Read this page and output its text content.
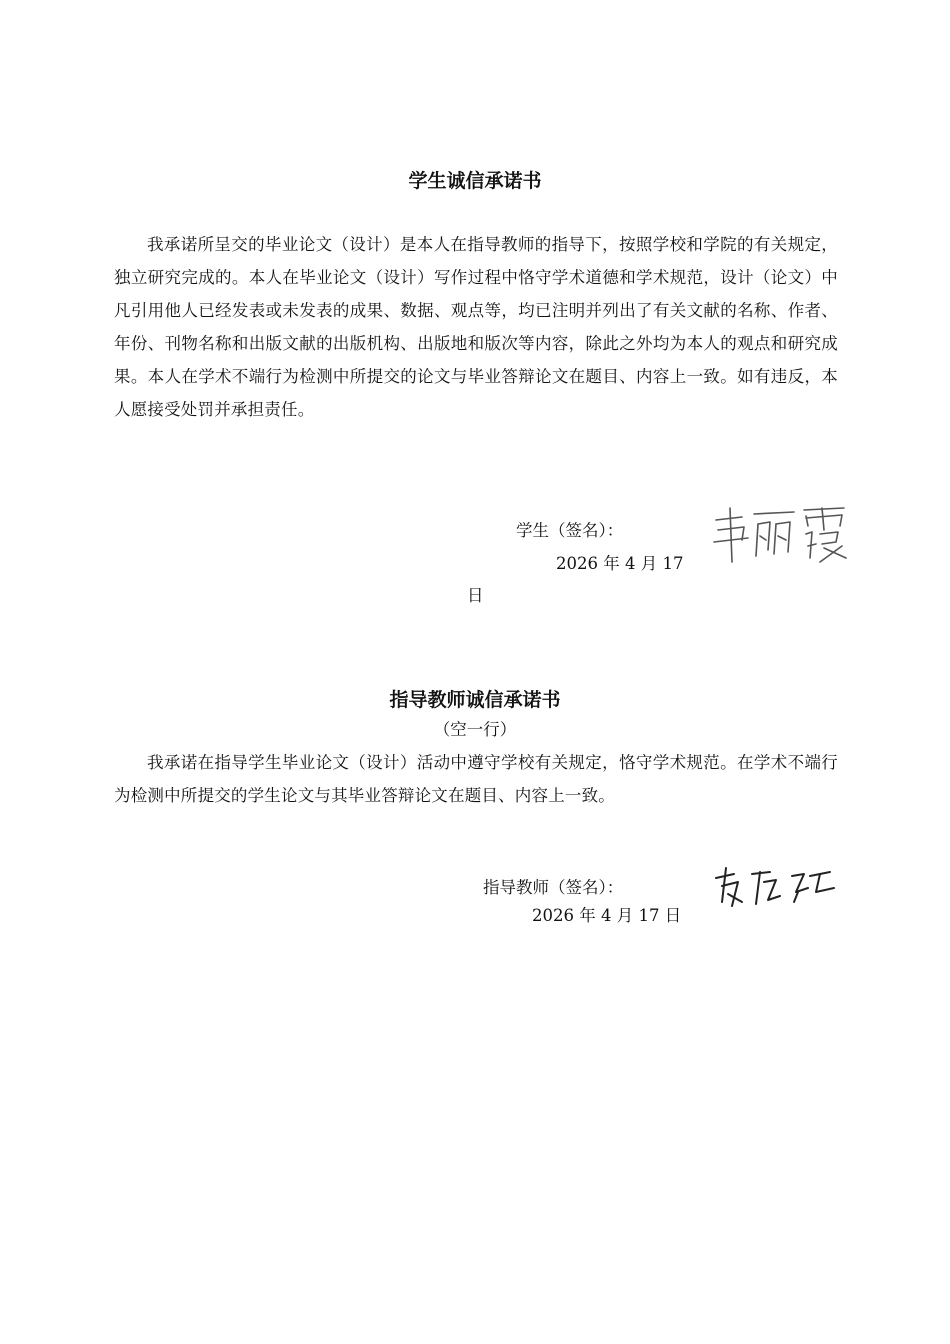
学生诚信承诺书
我承诺所呈交的毕业论文（设计）是本人在指导教师的指导下，按照学校和学院的有关规定，独立研究完成的。本人在毕业论文（设计）写作过程中恪守学术道德和学术规范，设计（论文）中凡引用他人已经发表或未发表的成果、数据、观点等，均已注明并列出了有关文献的名称、作者、年份、刊物名称和出版文献的出版机构、出版地和版次等内容，除此之外均为本人的观点和研究成果。本人在学术不端行为检测中所提交的论文与毕业答辩论文在题目、内容上一致。如有违反，本人愿接受处罚并承担责任。
学生（签名）：
2026 年 4 月 17
日
指导教师诚信承诺书
（空一行）
我承诺在指导学生毕业论文（设计）活动中遵守学校有关规定，恪守学术规范。在学术不端行为检测中所提交的学生论文与其毕业答辩论文在题目、内容上一致。
指导教师（签名）：
2026 年 4 月 17 日
